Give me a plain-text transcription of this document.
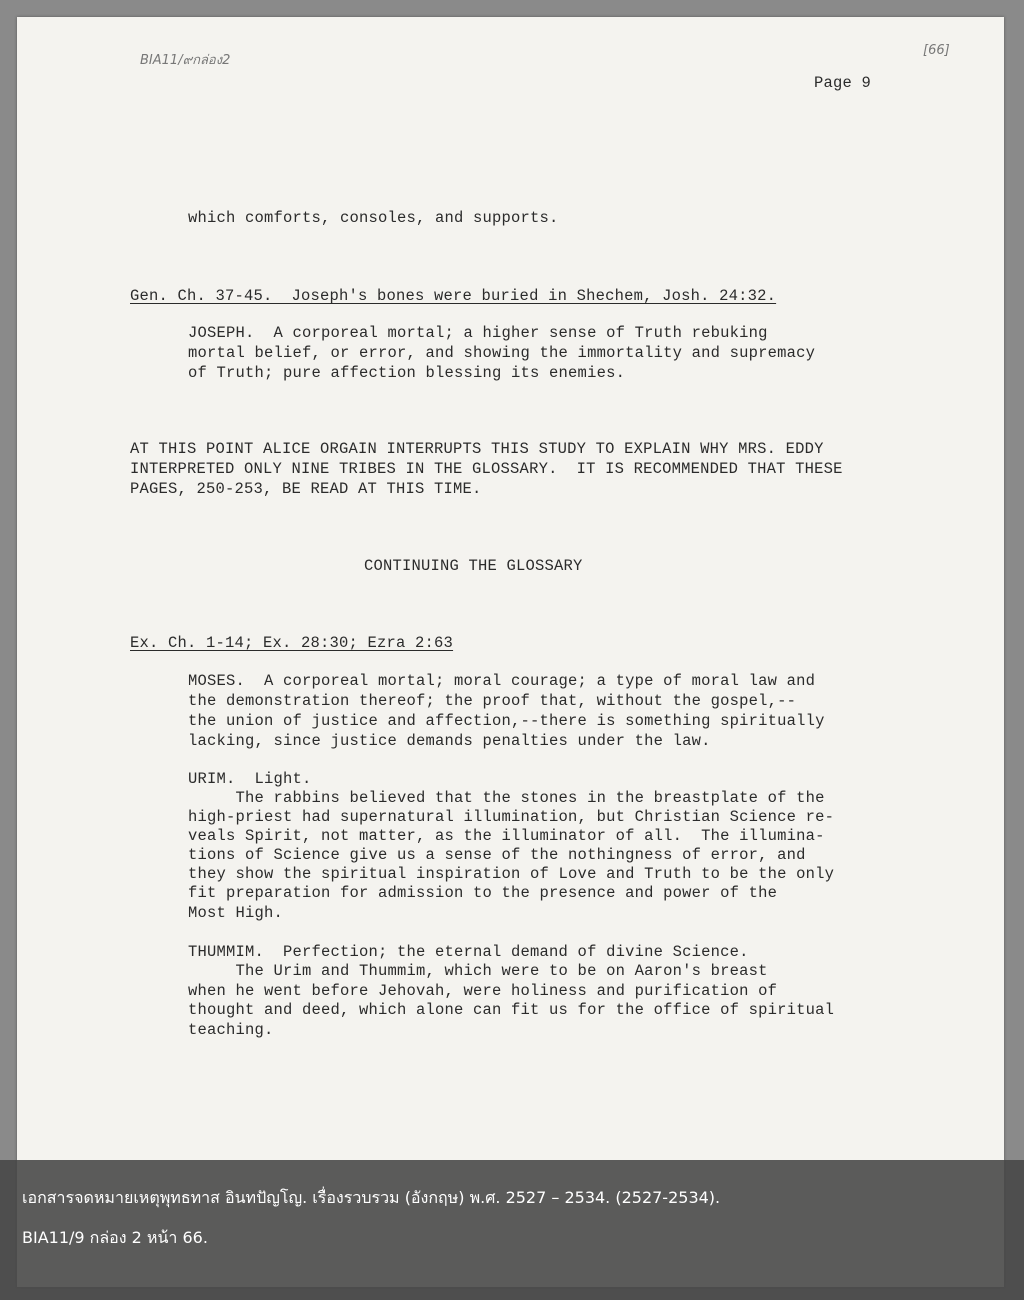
BIA11/๙กล่อง2
[66]
Page 9
which comforts, consoles, and supports.
Gen. Ch. 37-45.  Joseph's bones were buried in Shechem, Josh. 24:32.
JOSEPH.  A corporeal mortal; a higher sense of Truth rebuking
mortal belief, or error, and showing the immortality and supremacy
of Truth; pure affection blessing its enemies.
AT THIS POINT ALICE ORGAIN INTERRUPTS THIS STUDY TO EXPLAIN WHY MRS. EDDY
INTERPRETED ONLY NINE TRIBES IN THE GLOSSARY.  IT IS RECOMMENDED THAT THESE
PAGES, 250-253, BE READ AT THIS TIME.
CONTINUING THE GLOSSARY
Ex. Ch. 1-14; Ex. 28:30; Ezra 2:63
MOSES.  A corporeal mortal; moral courage; a type of moral law and
the demonstration thereof; the proof that, without the gospel,--
the union of justice and affection,--there is something spiritually
lacking, since justice demands penalties under the law.
URIM.  Light.
The rabbins believed that the stones in the breastplate of the
high-priest had supernatural illumination, but Christian Science re-
veals Spirit, not matter, as the illuminator of all.  The illumina-
tions of Science give us a sense of the nothingness of error, and
they show the spiritual inspiration of Love and Truth to be the only
fit preparation for admission to the presence and power of the
Most High.
THUMMIM.  Perfection; the eternal demand of divine Science.
The Urim and Thummim, which were to be on Aaron's breast
when he went before Jehovah, were holiness and purification of
thought and deed, which alone can fit us for the office of spiritual
teaching.
เอกสารจดหมายเหตุพุทธทาส อินทปัญโญ. เรื่องรวบรวม (อังกฤษ) พ.ศ. 2527 – 2534. (2527-2534).
BIA11/9 กล่อง 2 หน้า 66.
